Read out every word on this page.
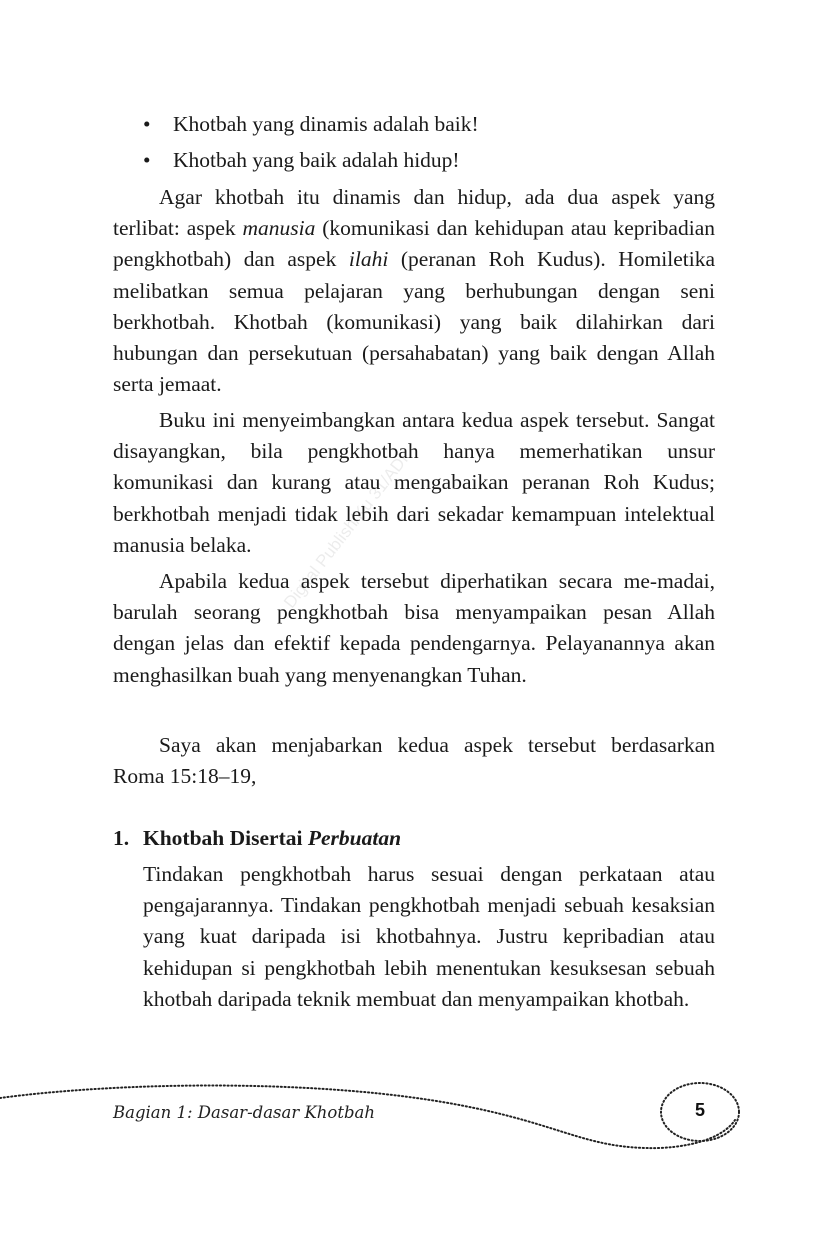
Digital Publish/Ku 31/ADI
• Khotbah yang dinamis adalah baik!
• Khotbah yang baik adalah hidup!

Agar khotbah itu dinamis dan hidup, ada dua aspek yang terlibat: aspek manusia (komunikasi dan kehidupan atau kepribadian pengkhotbah) dan aspek ilahi (peranan Roh Kudus). Homiletika melibatkan semua pelajaran yang berhubungan dengan seni berkhotbah. Khotbah (komunikasi) yang baik dilahirkan dari hubungan dan persekutuan (persahabatan) yang baik dengan Allah serta jemaat.

Buku ini menyeimbangkan antara kedua aspek tersebut. Sangat disayangkan, bila pengkhotbah hanya memerhatikan unsur komunikasi dan kurang atau mengabaikan peranan Roh Kudus; berkhotbah menjadi tidak lebih dari sekadar kemampuan intelektual manusia belaka.

Apabila kedua aspek tersebut diperhatikan secara me-madai, barulah seorang pengkhotbah bisa menyampaikan pesan Allah dengan jelas dan efektif kepada pendengarnya. Pelayanannya akan menghasilkan buah yang menyenangkan Tuhan.

Saya akan menjabarkan kedua aspek tersebut berdasarkan
Roma 15:18–19,

1. Khotbah Disertai Perbuatan

Tindakan pengkhotbah harus sesuai dengan perkataan atau pengajarannya. Tindakan pengkhotbah menjadi sebuah kesaksian yang kuat daripada isi khotbahnya. Justru kepribadian atau kehidupan si pengkhotbah lebih menentukan kesuksesan sebuah khotbah daripada teknik membuat dan menyampaikan khotbah.

Bagian 1: Dasar-dasar Khotbah	5
